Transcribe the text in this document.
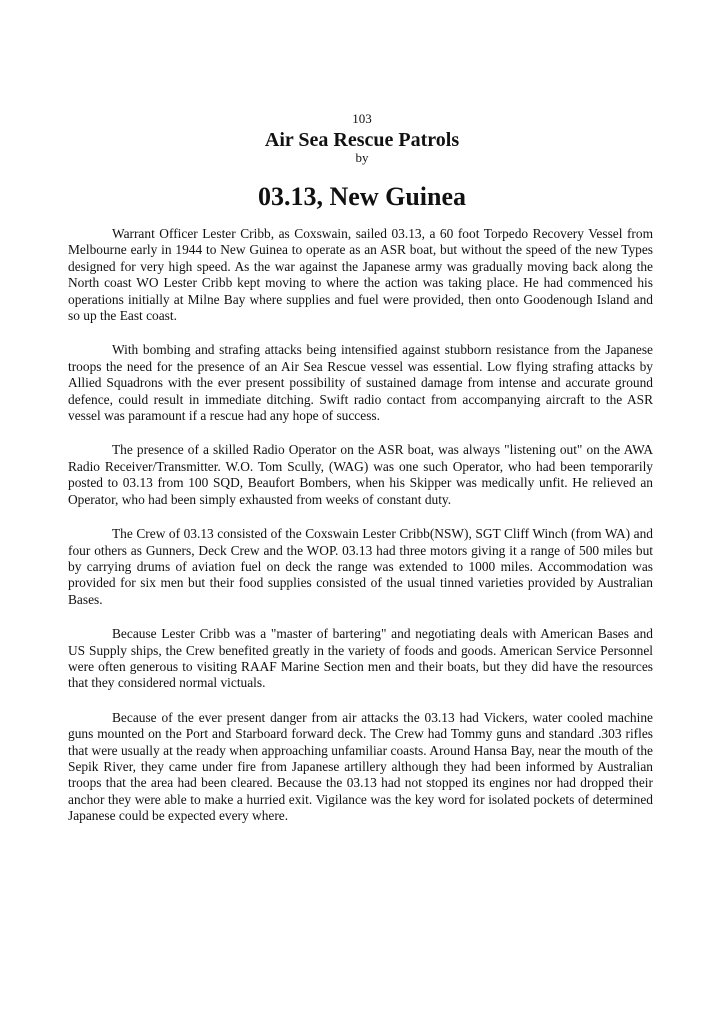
103
Air Sea Rescue Patrols
by
03.13, New Guinea

Warrant Officer Lester Cribb, as Coxswain, sailed 03.13, a 60 foot Torpedo Recovery Vessel from Melbourne early in 1944 to New Guinea to operate as an ASR boat, but without the speed of the new Types designed for very high speed. As the war against the Japanese army was gradually moving back along the North coast WO Lester Cribb kept moving to where the action was taking place. He had commenced his operations initially at Milne Bay where supplies and fuel were provided, then onto Goodenough Island and so up the East coast.

With bombing and strafing attacks being intensified against stubborn resistance from the Japanese troops the need for the presence of an Air Sea Rescue vessel was essential. Low flying strafing attacks by Allied Squadrons with the ever present possibility of sustained damage from intense and accurate ground defence, could result in immediate ditching. Swift radio contact from accompanying aircraft to the ASR vessel was paramount if a rescue had any hope of success.

The presence of a skilled Radio Operator on the ASR boat, was always "listening out" on the AWA Radio Receiver/Transmitter. W.O. Tom Scully, (WAG) was one such Operator, who had been temporarily posted to 03.13 from 100 SQD, Beaufort Bombers, when his Skipper was medically unfit. He relieved an Operator, who had been simply exhausted from weeks of constant duty.

The Crew of 03.13 consisted of the Coxswain Lester Cribb(NSW), SGT Cliff Winch (from WA) and four others as Gunners, Deck Crew and the WOP. 03.13 had three motors giving it a range of 500 miles but by carrying drums of aviation fuel on deck the range was extended to 1000 miles. Accommodation was provided for six men but their food supplies consisted of the usual tinned varieties provided by Australian Bases.

Because Lester Cribb was a "master of bartering" and negotiating deals with American Bases and US Supply ships, the Crew benefited greatly in the variety of foods and goods. American Service Personnel were often generous to visiting RAAF Marine Section men and their boats, but they did have the resources that they considered normal victuals.

Because of the ever present danger from air attacks the 03.13 had Vickers, water cooled machine guns mounted on the Port and Starboard forward deck. The Crew had Tommy guns and standard .303 rifles that were usually at the ready when approaching unfamiliar coasts. Around Hansa Bay, near the mouth of the Sepik River, they came under fire from Japanese artillery although they had been informed by Australian troops that the area had been cleared. Because the 03.13 had not stopped its engines nor had dropped their anchor they were able to make a hurried exit. Vigilance was the key word for isolated pockets of determined Japanese could be expected every where.
